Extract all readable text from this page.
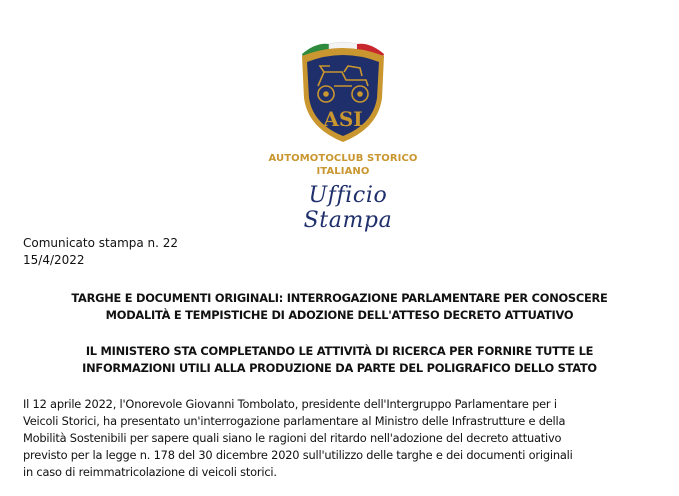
ASI
AUTOMOTOCLUB STORICO
ITALIANO
Ufficio Stampa
Comunicato stampa n. 22
15/4/2022
TARGHE E DOCUMENTI ORIGINALI: INTERROGAZIONE PARLAMENTARE PER CONOSCERE
MODALITÀ E TEMPISTICHE DI ADOZIONE DELL'ATTESO DECRETO ATTUATIVO
IL MINISTERO STA COMPLETANDO LE ATTIVITÀ DI RICERCA PER FORNIRE TUTTE LE
INFORMAZIONI UTILI ALLA PRODUZIONE DA PARTE DEL POLIGRAFICO DELLO STATO
Il 12 aprile 2022, l'Onorevole Giovanni Tombolato, presidente dell'Intergruppo Parlamentare per i
Veicoli Storici, ha presentato un'interrogazione parlamentare al Ministro delle Infrastrutture e della
Mobilità Sostenibili per sapere quali siano le ragioni del ritardo nell'adozione del decreto attuativo
previsto per la legge n. 178 del 30 dicembre 2020 sull'utilizzo delle targhe e dei documenti originali
in caso di reimmatricolazione di veicoli storici.
